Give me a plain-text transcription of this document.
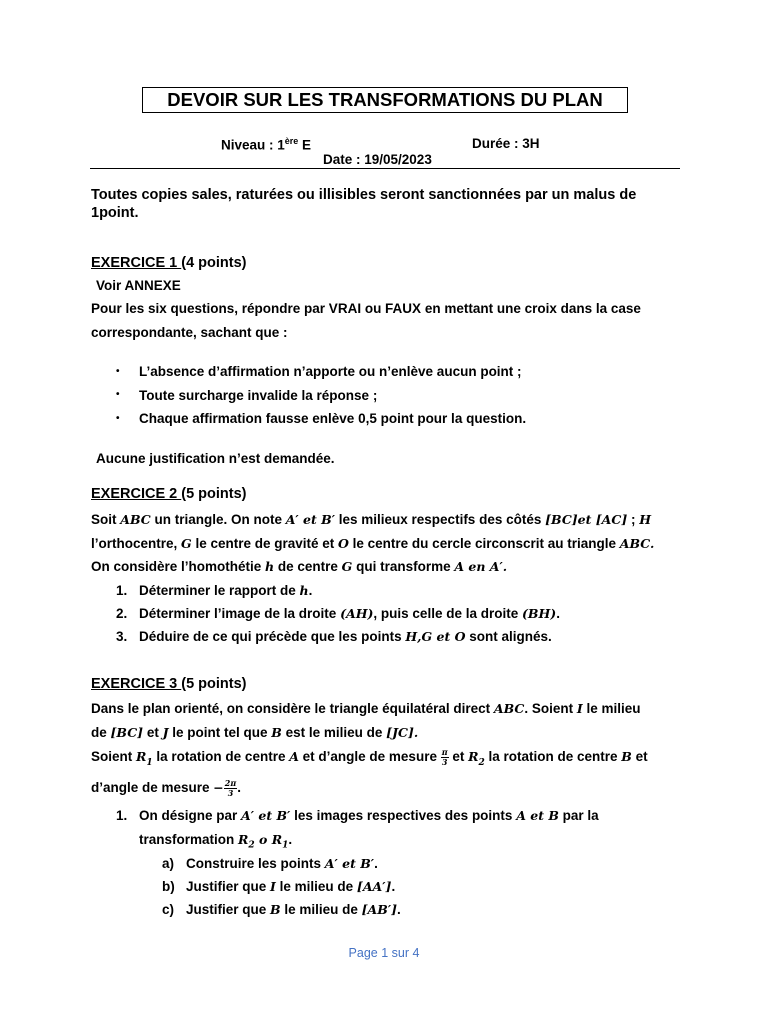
DEVOIR SUR LES TRANSFORMATIONS DU PLAN
Niveau : 1ère E	Durée : 3H
Date : 19/05/2023
Toutes copies sales, raturées ou illisibles seront sanctionnées par un malus de
1point.
EXERCICE 1 (4 points)
Voir ANNEXE
Pour les six questions, répondre par VRAI ou FAUX en mettant une croix dans la case
correspondante, sachant que :
• L’absence d’affirmation n’apporte ou n’enlève aucun point ;
• Toute surcharge invalide la réponse ;
• Chaque affirmation fausse enlève 0,5 point pour la question.
Aucune justification n’est demandée.
EXERCICE 2 (5 points)
Soit ABC un triangle. On note A′ et B′ les milieux respectifs des côtés [BC]et [AC] ; H
l’orthocentre, G le centre de gravité et O le centre du cercle circonscrit au triangle ABC.
On considère l’homothétie h de centre G qui transforme A en A′.
1. Déterminer le rapport de h.
2. Déterminer l’image de la droite (AH), puis celle de la droite (BH).
3. Déduire de ce qui précède que les points H,G et O sont alignés.
EXERCICE 3 (5 points)
Dans le plan orienté, on considère le triangle équilatéral direct ABC. Soient I le milieu
de [BC] et J le point tel que B est le milieu de [JC].
Soient $R_1$ la rotation de centre A et d’angle de mesure $\frac{\pi}{3}$ et $R_2$ la rotation de centre B et
d’angle de mesure − $\frac{2\pi}{3}$ .
1. On désigne par A′ et B′ les images respectives des points A et B par la
transformation $R_2$ o $R_1$.
a) Construire les points A′ et B′.
b) Justifier que I le milieu de [AA′].
c) Justifier que B le milieu de [AB′].
Page 1 sur 4
